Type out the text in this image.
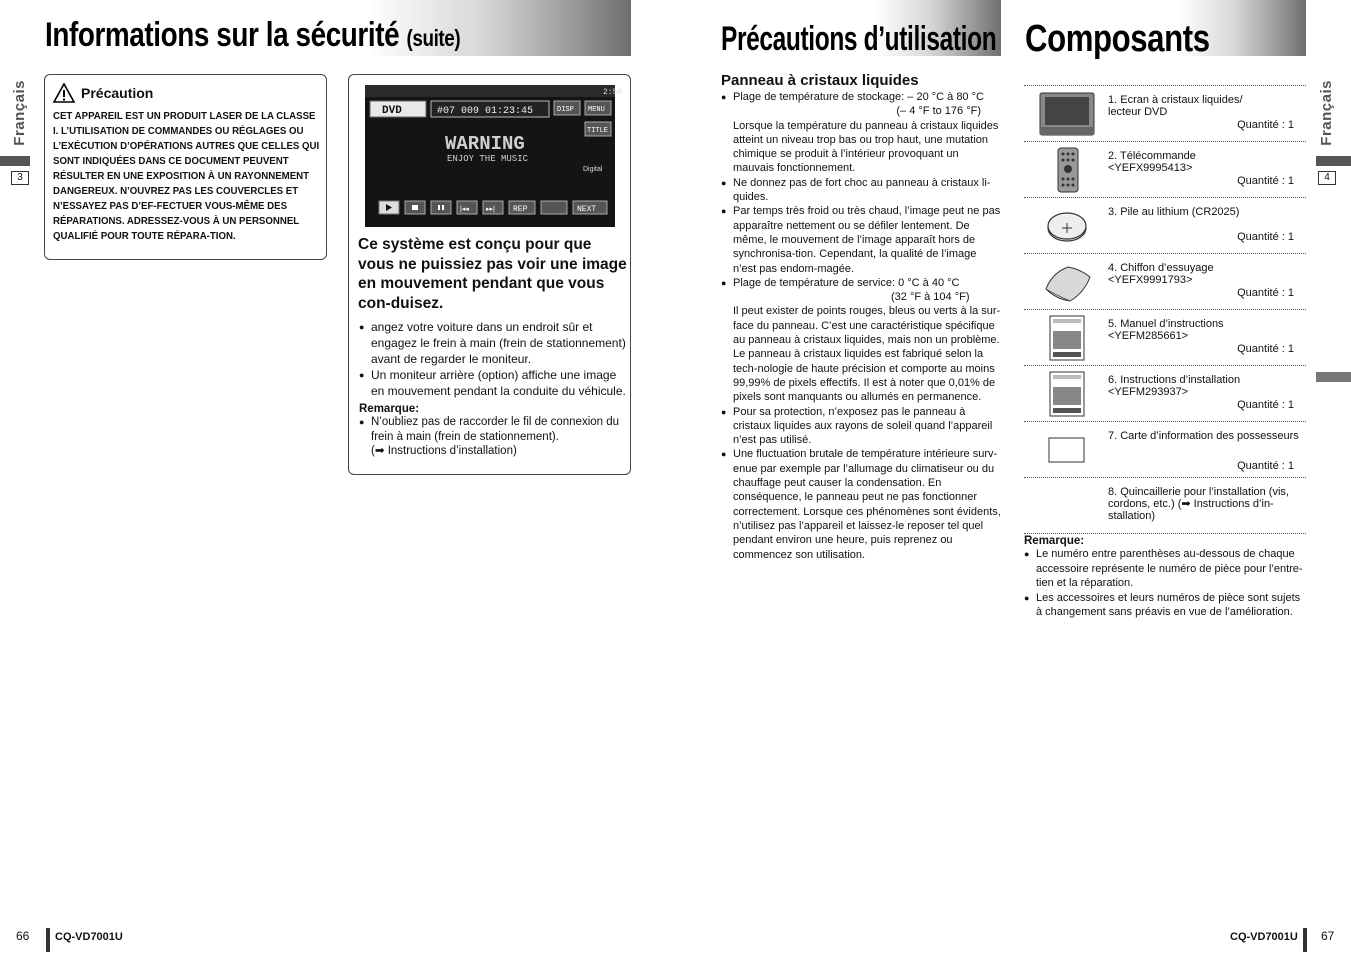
Informations sur la sécurité (suite)
Français
3
Précaution
CET APPAREIL EST UN PRODUIT LASER DE LA CLASSE I. L’UTILISATION DE COMMANDES OU RÉGLAGES OU L’EXÉCUTION D’OPÉRATIONS AUTRES QUE CELLES QUI SONT INDIQUÉES DANS CE DOCUMENT PEUVENT RÉSULTER EN UNE EXPOSITION À UN RAYONNEMENT DANGEREUX. N’OUVREZ PAS LES COUVERCLES ET N’ESSAYEZ PAS D’EF-FECTUER VOUS-MÊME DES RÉPARATIONS. ADRESSEZ-VOUS À UN PERSONNEL QUALIFIÉ POUR TOUTE RÉPARA-TION.
2:56
DVD	#07 009 01:23:45	DISP MENU
TITLE
WARNING
ENJOY THE MUSIC
Digital
|◂◂ ▸▸| REP	NEXT
Ce système est conçu pour que vous ne puissiez pas voir une image en mouvement pendant que vous con-duisez.
● angez votre voiture dans un endroit sûr et engagez le frein à main (frein de stationnement) avant de regarder le moniteur.
● Un moniteur arrière (option) affiche une image en mouvement pendant la conduite du véhicule.
Remarque:
● N’oubliez pas de raccorder le fil de connexion du frein à main (frein de stationnement).
(➡ Instructions d’installation)
66 CQ-VD7001U
Précautions d’utilisation
Panneau à cristaux liquides
● Plage de température de stockage: – 20 °C à 80 °C
(– 4 °F to 176 °F)
Lorsque la température du panneau à cristaux liquides atteint un niveau trop bas ou trop haut, une mutation chimique se produit à l’intérieur provoquant un mauvais fonctionnement.
● Ne donnez pas de fort choc au panneau à cristaux li-quides.
● Par temps très froid ou très chaud, l’image peut ne pas apparaître nettement ou se défiler lentement. De même, le mouvement de l’image apparaît hors de synchronisa-tion. Cependant, la qualité de l’image n’est pas endom-magée.
● Plage de température de service: 0 °C à 40 °C
(32 °F à 104 °F)
Il peut exister de points rouges, bleus ou verts à la sur-face du panneau. C’est une caractéristique spécifique au panneau à cristaux liquides, mais non un problème. Le panneau à cristaux liquides est fabriqué selon la tech-nologie de haute précision et comporte au moins 99,99% de pixels effectifs. Il est à noter que 0,01% de pixels sont manquants ou allumés en permanence.
● Pour sa protection, n’exposez pas le panneau à cristaux liquides aux rayons de soleil quand l’appareil n’est pas utilisé.
● Une fluctuation brutale de température intérieure surv-enue par exemple par l’allumage du climatiseur ou du chauffage peut causer la condensation. En conséquence, le panneau peut ne pas fonctionner correctement. Lorsque ces phénomènes sont évidents, n’utilisez pas l’appareil et laissez-le reposer tel quel pendant environ une heure, puis reprenez ou commencez son utilisation.
Composants
Français
4
1. Ecran à cristaux liquides/
lecteur DVD
Quantité : 1
2. Télécommande
<YEFX9995413>
Quantité : 1
3. Pile au lithium (CR2025)
Quantité : 1
4. Chiffon d’essuyage
<YEFX9991793>
Quantité : 1
5. Manuel d’instructions
<YEFM285661>
Quantité : 1
6. Instructions d’installation
<YEFM293937>
Quantité : 1
7. Carte d’information des possesseurs
Quantité : 1
8. Quincaillerie pour l’installation (vis,
cordons, etc.) (➡ Instructions d’in-
stallation)
Remarque:
● Le numéro entre parenthèses au-dessous de chaque accessoire représente le numéro de pièce pour l’entre-tien et la réparation.
● Les accessoires et leurs numéros de pièce sont sujets à changement sans préavis en vue de l’amélioration.
CQ-VD7001U 67
